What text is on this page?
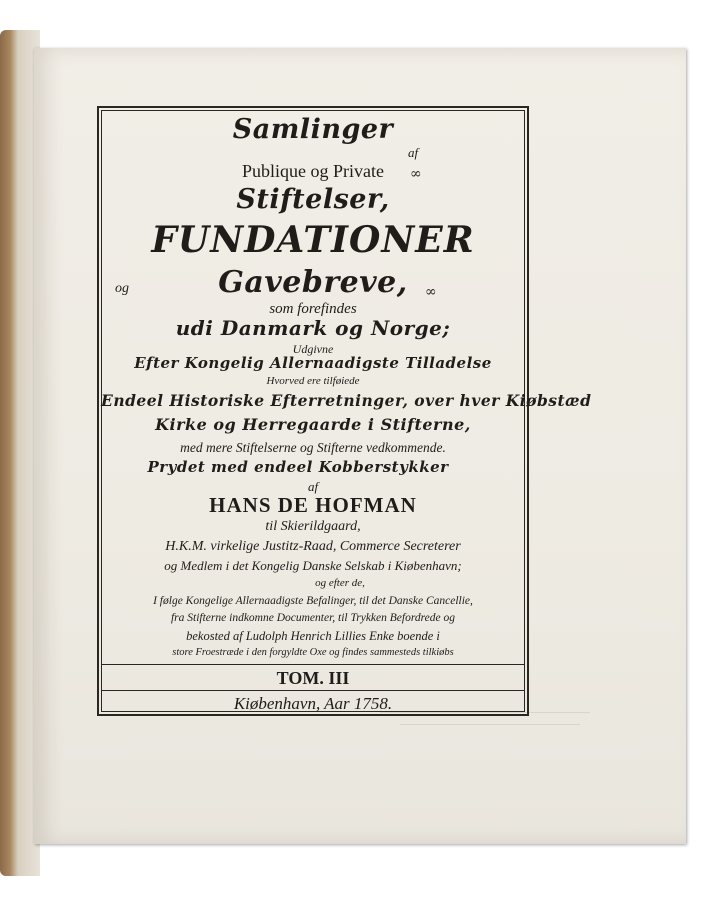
Samlinger
af
Publique og Private	∞
Stiftelser,
FUNDATIONER
og	Gavebreve,	∞
som forefindes
udi Danmark og Norge;
Udgivne
Efter Kongelig Allernaadigste Tilladelse
Hvorved ere tilføiede
Endeel Historiske Efterretninger, over hver Kiøbstæd
Kirke og Herregaarde i Stifterne,
med mere Stiftelserne og Stifterne vedkommende.
Prydet med endeel Kobberstykker
af
HANS DE HOFMAN
til Skierildgaard,
H.K.M. virkelige Justitz-Raad, Commerce Secreterer
og Medlem i det Kongelig Danske Selskab i Kiøbenhavn;
og efter de,
I følge Kongelige Allernaadigste Befalinger, til det Danske Cancellie,
fra Stifterne indkomne Documenter, til Trykken Befordrede og
bekosted af Ludolph Henrich Lillies Enke boende i
store Froestræde i den forgyldte Oxe og findes sammesteds tilkiøbs
TOM. III
Kiøbenhavn, Aar 1758.
